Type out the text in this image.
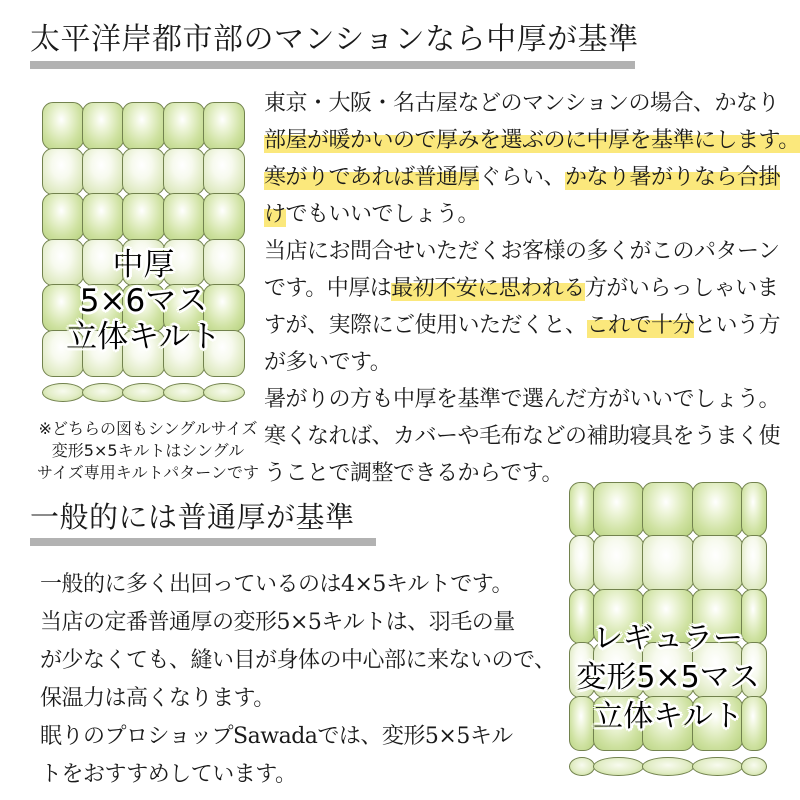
太平洋岸都市部のマンションなら中厚が基準
中厚
5×6マス
立体キルト
東京・大阪・名古屋などのマンションの場合、かなり
部屋が暖かいので厚みを選ぶのに中厚を基準にします。
寒がりであれば普通厚ぐらい、かなり暑がりなら合掛
けでもいいでしょう。
当店にお問合せいただくお客様の多くがこのパターン
です。中厚は最初不安に思われる方がいらっしゃいま
すが、実際にご使用いただくと、これで十分という方
が多いです。
暑がりの方も中厚を基準で選んだ方がいいでしょう。
寒くなれば、カバーや毛布などの補助寝具をうまく使
うことで調整できるからです。
※どちらの図もシングルサイズ
変形5×5キルトはシングル
サイズ専用キルトパターンです
一般的には普通厚が基準
一般的に多く出回っているのは4×5キルトです。
当店の定番普通厚の変形5×5キルトは、羽毛の量
が少なくても、縫い目が身体の中心部に来ないので、
保温力は高くなります。
眠りのプロショップSawadaでは、変形5×5キル
トをおすすめしています。
レギュラー
変形5×5マス
立体キルト
